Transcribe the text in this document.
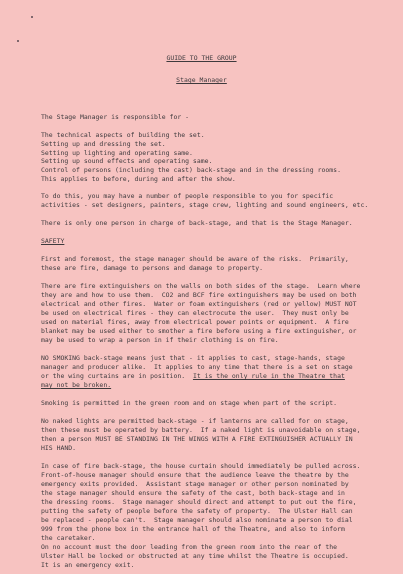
GUIDE TO THE GROUP
Stage Manager
The Stage Manager is responsible for -
The technical aspects of building the set.
Setting up and dressing the set.
Setting up lighting and operating same.
Setting up sound effects and operating same.
Control of persons (including the cast) back-stage and in the dressing rooms.
This applies to before, during and after the show.
To do this, you may have a number of people responsible to you for specific
activities - set designers, painters, stage crew, lighting and sound engineers, etc.
There is only one person in charge of back-stage, and that is the Stage Manager.
SAFETY
First and foremost, the stage manager should be aware of the risks.  Primarily,
these are fire, damage to persons and damage to property.
There are fire extinguishers on the walls on both sides of the stage.  Learn where
they are and how to use them.  CO2 and BCF fire extinguishers may be used on both
electrical and other fires.  Water or foam extinguishers (red or yellow) MUST NOT
be used on electrical fires - they can electrocute the user.  They must only be
used on material fires, away from electrical power points or equipment.  A fire
blanket may be used either to smother a fire before using a fire extinguisher, or
may be used to wrap a person in if their clothing is on fire.
NO SMOKING back-stage means just that - it applies to cast, stage-hands, stage
manager and producer alike.  It applies to any time that there is a set on stage
or the wing curtains are in position. It is the only rule in the Theatre that
may not be broken.
Smoking is permitted in the green room and on stage when part of the script.
No naked lights are permitted back-stage - if lanterns are called for on stage,
then these must be operated by battery.  If a naked light is unavoidable on stage,
then a person MUST BE STANDING IN THE WINGS WITH A FIRE EXTINGUISHER ACTUALLY IN
HIS HAND.
In case of fire back-stage, the house curtain should immediately be pulled across.
Front-of-house manager should ensure that the audience leave the theatre by the
emergency exits provided.  Assistant stage manager or other person nominated by
the stage manager should ensure the safety of the cast, both back-stage and in
the dressing rooms.  Stage manager should direct and attempt to put out the fire,
putting the safety of people before the safety of property.  The Ulster Hall can
be replaced - people can't.  Stage manager should also nominate a person to dial
999 from the phone box in the entrance hall of the Theatre, and also to inform
the caretaker.
On no account must the door leading from the green room into the rear of the
Ulster Hall be locked or obstructed at any time whilst the Theatre is occupied.
It is an emergency exit.
